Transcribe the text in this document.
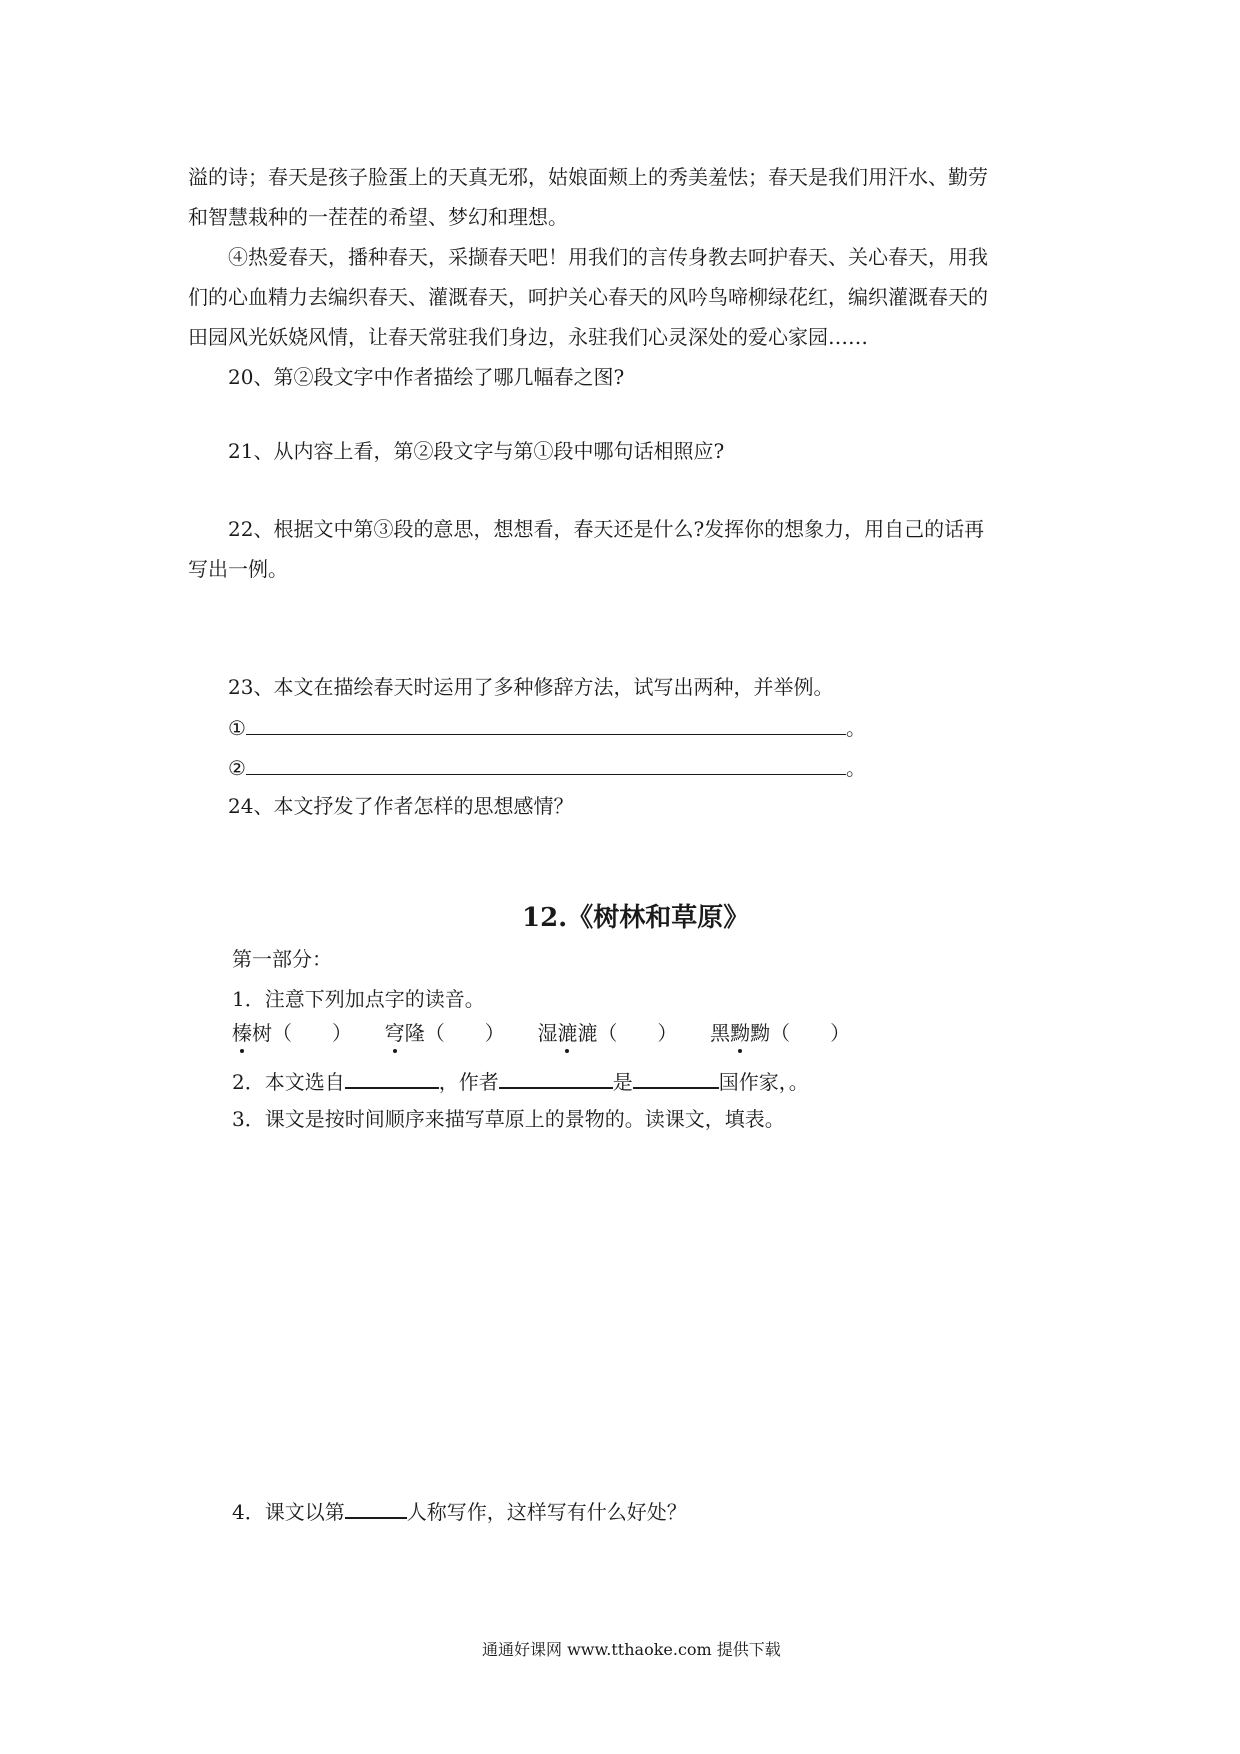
溢的诗；春天是孩子脸蛋上的天真无邪，姑娘面颊上的秀美羞怯；春天是我们用汗水、勤劳
和智慧栽种的一茬茬的希望、梦幻和理想。
④热爱春天，播种春天，采撷春天吧！用我们的言传身教去呵护春天、关心春天，用我
们的心血精力去编织春天、灌溉春天，呵护关心春天的风吟鸟啼柳绿花红，编织灌溉春天的
田园风光妖娆风情，让春天常驻我们身边，永驻我们心灵深处的爱心家园……
20、第②段文字中作者描绘了哪几幅春之图?
21、从内容上看，第②段文字与第①段中哪句话相照应?
22、根据文中第③段的意思，想想看，春天还是什么?发挥你的想象力，用自己的话再
写出一例。
23、本文在描绘春天时运用了多种修辞方法，试写出两种，并举例。
①	。
②	。
24、本文抒发了作者怎样的思想感情？
12.《树林和草原》
第一部分：
1．注意下列加点字的读音。
榛树（　　） 穹隆（　　） 湿漉漉（　　） 黑黝黝（　　）
2．本文选自	，作者	是	国作家，。
3．课文是按时间顺序来描写草原上的景物的。读课文，填表。
4．课文以第	人称写作，这样写有什么好处？
通通好课网 www.tthaoke.com 提供下载
